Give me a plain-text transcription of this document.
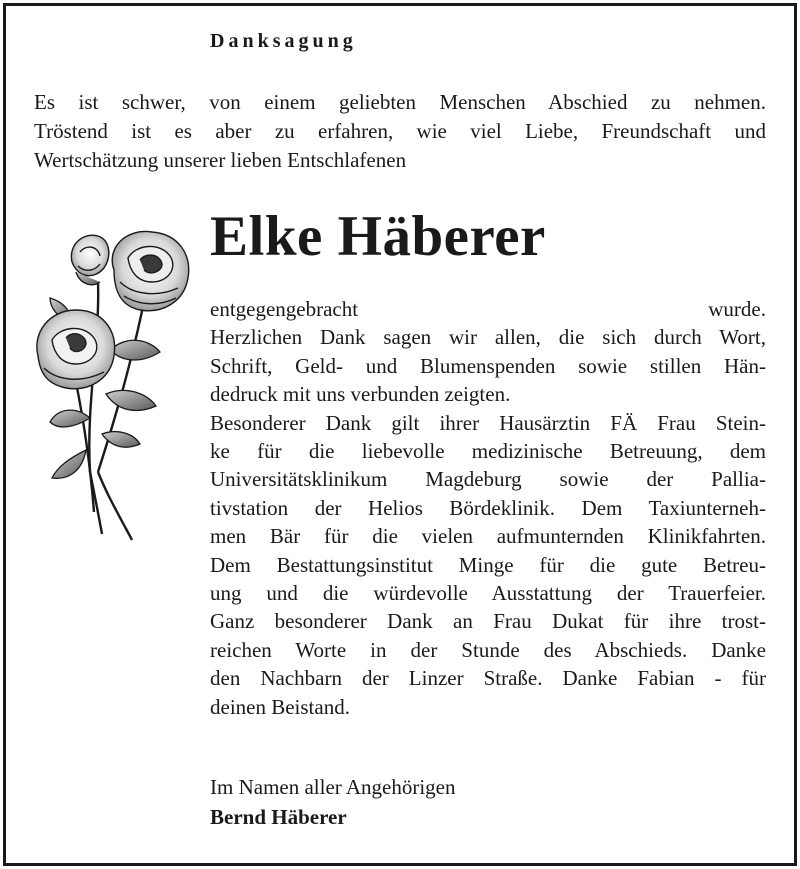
Danksagung
Es ist schwer, von einem geliebten Menschen Abschied zu nehmen.
Tröstend ist es aber zu erfahren, wie viel Liebe, Freundschaft und
Wertschätzung unserer lieben Entschlafenen
Elke Häberer
entgegengebracht wurde.
Herzlichen Dank sagen wir allen, die sich durch Wort,
Schrift, Geld- und Blumenspenden sowie stillen Hän-
dedruck mit uns verbunden zeigten.
Besonderer Dank gilt ihrer Hausärztin FÄ Frau Stein-
ke für die liebevolle medizinische Betreuung, dem
Universitätsklinikum Magdeburg sowie der Pallia-
tivstation der Helios Bördeklinik. Dem Taxiunterneh-
men Bär für die vielen aufmunternden Klinikfahrten.
Dem Bestattungsinstitut Minge für die gute Betreu-
ung und die würdevolle Ausstattung der Trauerfeier.
Ganz besonderer Dank an Frau Dukat für ihre trost-
reichen Worte in der Stunde des Abschieds. Danke
den Nachbarn der Linzer Straße. Danke Fabian - für
deinen Beistand.
Im Namen aller Angehörigen
Bernd Häberer
